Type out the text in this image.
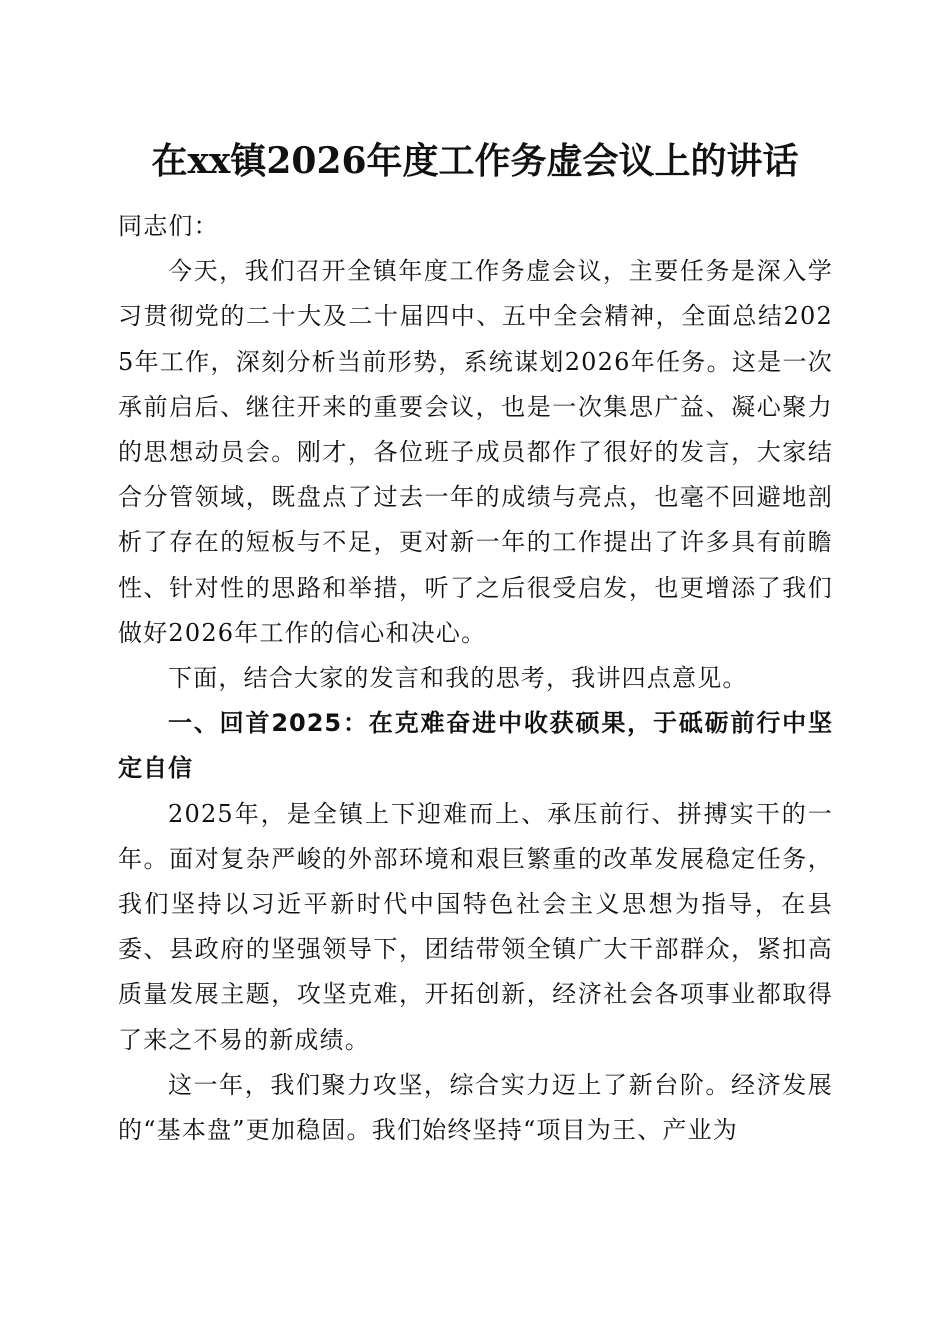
在xx镇2026年度工作务虚会议上的讲话

同志们：

今天，我们召开全镇年度工作务虚会议，主要任务是深入学习贯彻党的二十大及二十届四中、五中全会精神，全面总结2025年工作，深刻分析当前形势，系统谋划2026年任务。这是一次承前启后、继往开来的重要会议，也是一次集思广益、凝心聚力的思想动员会。刚才，各位班子成员都作了很好的发言，大家结合分管领域，既盘点了过去一年的成绩与亮点，也毫不回避地剖析了存在的短板与不足，更对新一年的工作提出了许多具有前瞻性、针对性的思路和举措，听了之后很受启发，也更增添了我们做好2026年工作的信心和决心。

下面，结合大家的发言和我的思考，我讲四点意见。

一、回首2025：在克难奋进中收获硕果，于砥砺前行中坚定自信

2025年，是全镇上下迎难而上、承压前行、拼搏实干的一年。面对复杂严峻的外部环境和艰巨繁重的改革发展稳定任务，我们坚持以习近平新时代中国特色社会主义思想为指导，在县委、县政府的坚强领导下，团结带领全镇广大干部群众，紧扣高质量发展主题，攻坚克难，开拓创新，经济社会各项事业都取得了来之不易的新成绩。

这一年，我们聚力攻坚，综合实力迈上了新台阶。经济发展的“基本盘”更加稳固。我们始终坚持“项目为王、产业为
